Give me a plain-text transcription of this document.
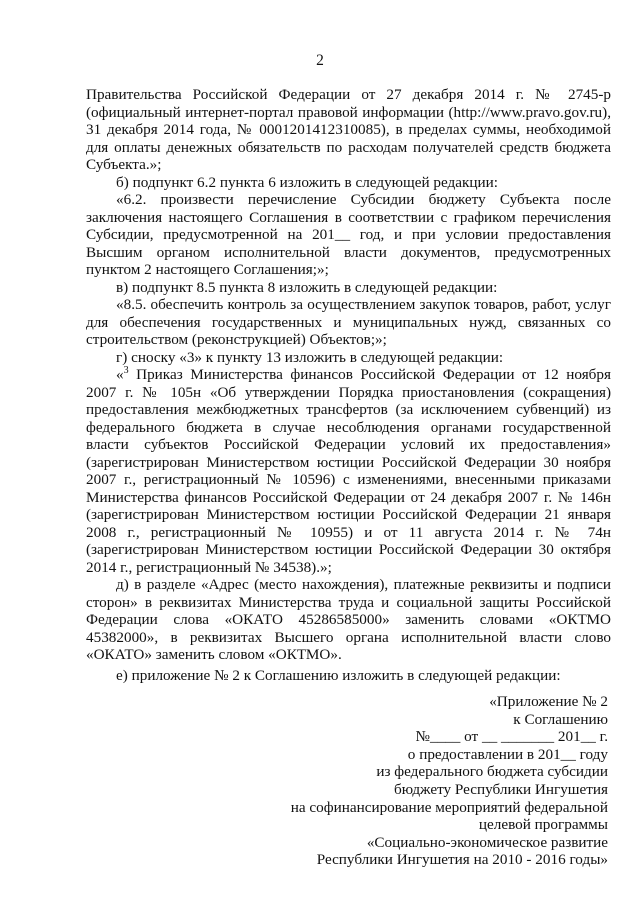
2

Правительства Российской Федерации от 27 декабря 2014 г. № 2745-р (официальный интернет-портал правовой информации (http://www.pravo.gov.ru), 31 декабря 2014 года, № 0001201412310085), в пределах суммы, необходимой для оплаты денежных обязательств по расходам получателей средств бюджета Субъекта.»;

б) подпункт 6.2 пункта 6 изложить в следующей редакции:

«6.2. произвести перечисление Субсидии бюджету Субъекта после заключения настоящего Соглашения в соответствии с графиком перечисления Субсидии, предусмотренной на 201__ год, и при условии предоставления Высшим органом исполнительной власти документов, предусмотренных пунктом 2 настоящего Соглашения;»;

в) подпункт 8.5 пункта 8 изложить в следующей редакции:

«8.5. обеспечить контроль за осуществлением закупок товаров, работ, услуг для обеспечения государственных и муниципальных нужд, связанных со строительством (реконструкцией) Объектов;»;

г) сноску «3» к пункту 13 изложить в следующей редакции:

«$^3$ Приказ Министерства финансов Российской Федерации от 12 ноября 2007 г. № 105н «Об утверждении Порядка приостановления (сокращения) предоставления межбюджетных трансфертов (за исключением субвенций) из федерального бюджета в случае несоблюдения органами государственной власти субъектов Российской Федерации условий их предоставления» (зарегистрирован Министерством юстиции Российской Федерации 30 ноября 2007 г., регистрационный № 10596) с изменениями, внесенными приказами Министерства финансов Российской Федерации от 24 декабря 2007 г. № 146н (зарегистрирован Министерством юстиции Российской Федерации 21 января 2008 г., регистрационный № 10955) и от 11 августа 2014 г. № 74н (зарегистрирован Министерством юстиции Российской Федерации 30 октября 2014 г., регистрационный № 34538).»;

д) в разделе «Адрес (место нахождения), платежные реквизиты и подписи сторон» в реквизитах Министерства труда и социальной защиты Российской Федерации слова «ОКАТО 45286585000» заменить словами «ОКТМО 45382000», в реквизитах Высшего органа исполнительной власти слово «ОКАТО» заменить словом «ОКТМО».

е) приложение № 2 к Соглашению изложить в следующей редакции:

«Приложение № 2
к Соглашению
№____ от __ _______ 201__ г.
о предоставлении в 201__ году
из федерального бюджета субсидии
бюджету Республики Ингушетия
на софинансирование мероприятий федеральной
целевой программы
«Социально-экономическое развитие
Республики Ингушетия на 2010 - 2016 годы»
